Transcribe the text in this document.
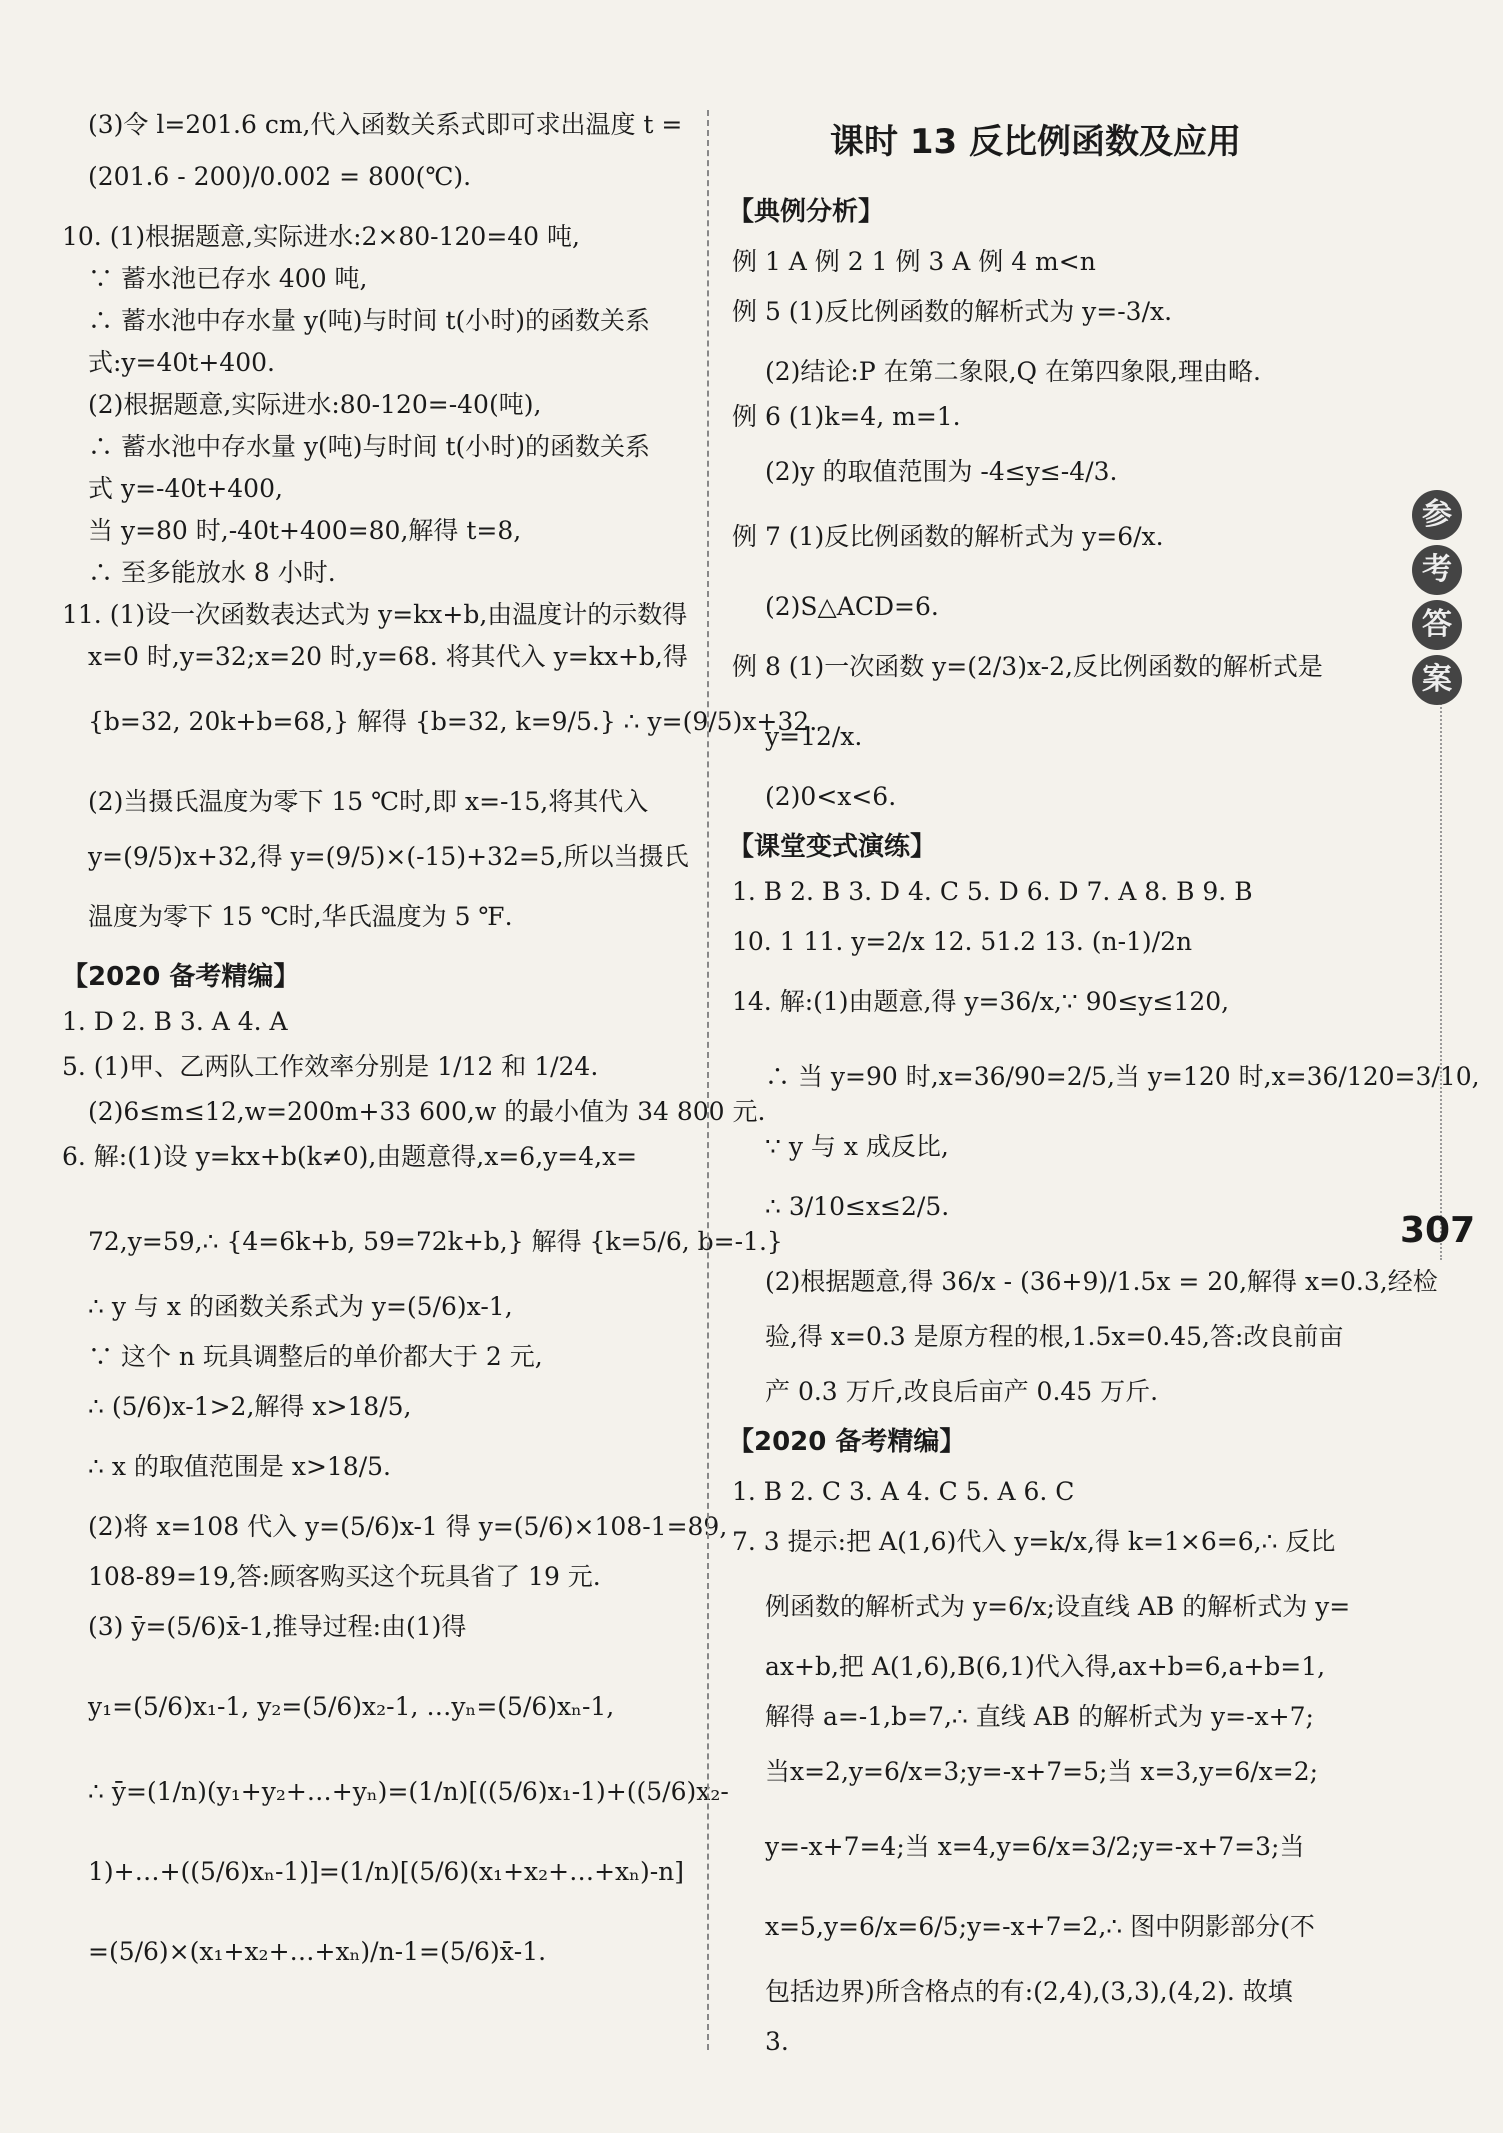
(3)令 l=201.6 cm,代入函数关系式即可求出温度 t =
(201.6 - 200)/0.002 = 800(℃).
10. (1)根据题意,实际进水:2×80-120=40 吨,
∵ 蓄水池已存水 400 吨,
∴ 蓄水池中存水量 y(吨)与时间 t(小时)的函数关系
式:y=40t+400.
(2)根据题意,实际进水:80-120=-40(吨),
∴ 蓄水池中存水量 y(吨)与时间 t(小时)的函数关系
式 y=-40t+400,
当 y=80 时,-40t+400=80,解得 t=8,
∴ 至多能放水 8 小时.
11. (1)设一次函数表达式为 y=kx+b,由温度计的示数得
x=0 时,y=32;x=20 时,y=68. 将其代入 y=kx+b,得
{b=32, 20k+b=68,} 解得 {b=32, k=9/5.} ∴ y=(9/5)x+32.
(2)当摄氏温度为零下 15 ℃时,即 x=-15,将其代入
y=(9/5)x+32,得 y=(9/5)×(-15)+32=5,所以当摄氏
温度为零下 15 ℃时,华氏温度为 5 ℉.
【2020 备考精编】
1. D 2. B 3. A 4. A
5. (1)甲、乙两队工作效率分别是 1/12 和 1/24.
(2)6≤m≤12,w=200m+33 600,w 的最小值为 34 800 元.
6. 解:(1)设 y=kx+b(k≠0),由题意得,x=6,y=4,x=
72,y=59,∴ {4=6k+b, 59=72k+b,} 解得 {k=5/6, b=-1.}
∴ y 与 x 的函数关系式为 y=(5/6)x-1,
∵ 这个 n 玩具调整后的单价都大于 2 元,
∴ (5/6)x-1>2,解得 x>18/5,
∴ x 的取值范围是 x>18/5.
(2)将 x=108 代入 y=(5/6)x-1 得 y=(5/6)×108-1=89,
108-89=19,答:顾客购买这个玩具省了 19 元.
(3) ȳ=(5/6)x̄-1,推导过程:由(1)得
y₁=(5/6)x₁-1, y₂=(5/6)x₂-1, …yₙ=(5/6)xₙ-1,
∴ ȳ=(1/n)(y₁+y₂+…+yₙ)=(1/n)[((5/6)x₁-1)+((5/6)x₂-
1)+…+((5/6)xₙ-1)]=(1/n)[(5/6)(x₁+x₂+…+xₙ)-n]
=(5/6)×(x₁+x₂+…+xₙ)/n-1=(5/6)x̄-1.
课时 13 反比例函数及应用
【典例分析】
例 1 A 例 2 1 例 3 A 例 4 m<n
例 5 (1)反比例函数的解析式为 y=-3/x.
(2)结论:P 在第二象限,Q 在第四象限,理由略.
例 6 (1)k=4, m=1.
(2)y 的取值范围为 -4≤y≤-4/3.
例 7 (1)反比例函数的解析式为 y=6/x.
(2)S△ACD=6.
例 8 (1)一次函数 y=(2/3)x-2,反比例函数的解析式是
y=12/x.
(2)0<x<6.
【课堂变式演练】
1. B 2. B 3. D 4. C 5. D 6. D 7. A 8. B 9. B
10. 1 11. y=2/x 12. 51.2 13. (n-1)/2n
14. 解:(1)由题意,得 y=36/x,∵ 90≤y≤120,
∴ 当 y=90 时,x=36/90=2/5,当 y=120 时,x=36/120=3/10,
∵ y 与 x 成反比,
∴ 3/10≤x≤2/5.
(2)根据题意,得 36/x - (36+9)/1.5x = 20,解得 x=0.3,经检
验,得 x=0.3 是原方程的根,1.5x=0.45,答:改良前亩
产 0.3 万斤,改良后亩产 0.45 万斤.
【2020 备考精编】
1. B 2. C 3. A 4. C 5. A 6. C
7. 3 提示:把 A(1,6)代入 y=k/x,得 k=1×6=6,∴ 反比
例函数的解析式为 y=6/x;设直线 AB 的解析式为 y=
ax+b,把 A(1,6),B(6,1)代入得,ax+b=6,a+b=1,
解得 a=-1,b=7,∴ 直线 AB 的解析式为 y=-x+7;
当x=2,y=6/x=3;y=-x+7=5;当 x=3,y=6/x=2;
y=-x+7=4;当 x=4,y=6/x=3/2;y=-x+7=3;当
x=5,y=6/x=6/5;y=-x+7=2,∴ 图中阴影部分(不
包括边界)所含格点的有:(2,4),(3,3),(4,2). 故填
3.
参
考
答
案
307
